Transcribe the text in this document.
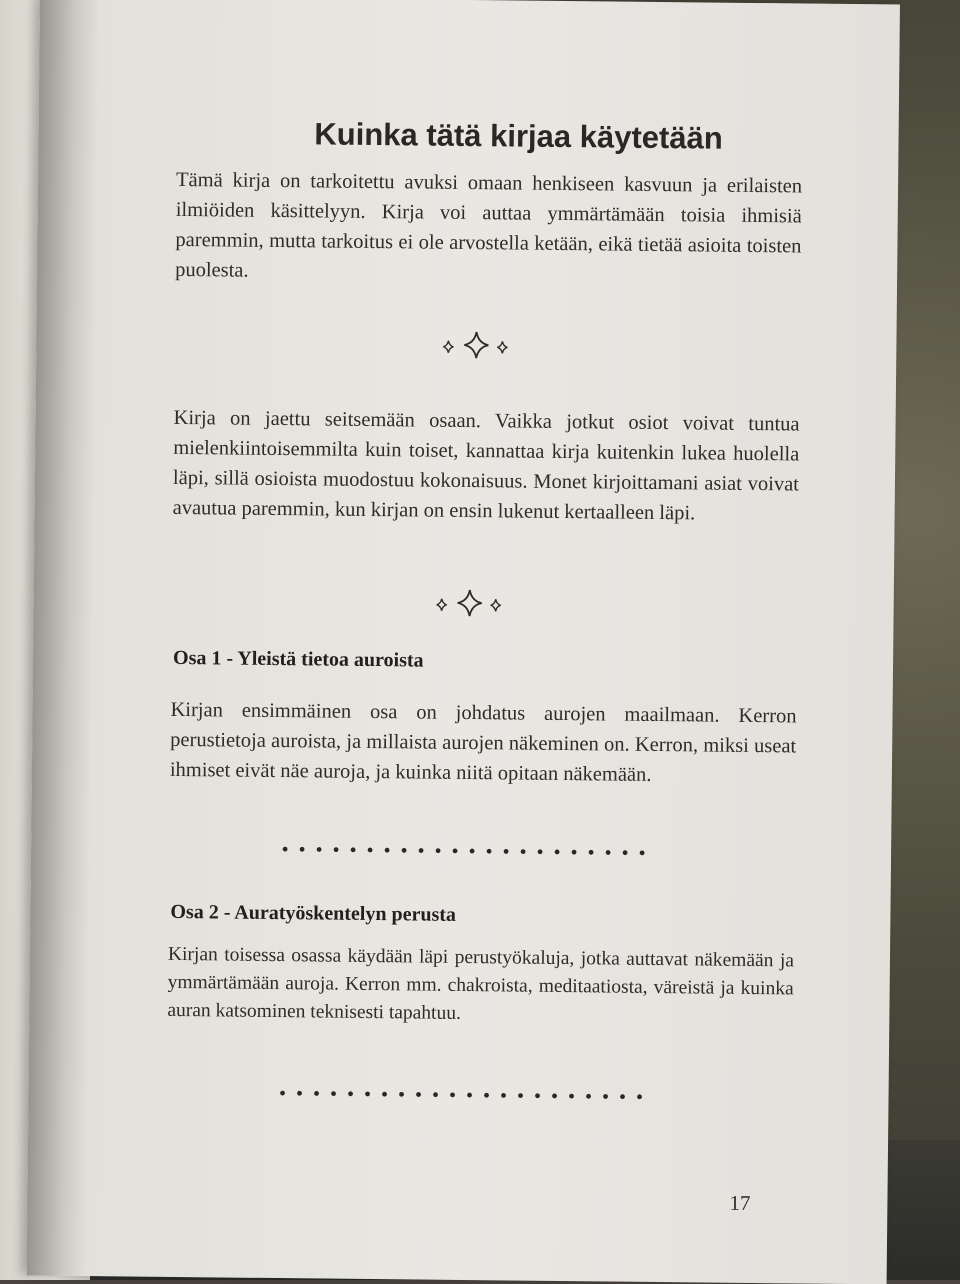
Kuinka tätä kirjaa käytetään

Tämä kirja on tarkoitettu avuksi omaan henkiseen kasvuun ja erilaisten ilmiöiden käsittelyyn. Kirja voi auttaa ymmärtämään toisia ihmisiä paremmin, mutta tarkoitus ei ole arvostella ketään, eikä tietää asioita toisten puolesta.

Kirja on jaettu seitsemään osaan. Vaikka jotkut osiot voivat tuntua mielenkiintoisemmilta kuin toiset, kannattaa kirja kuitenkin lukea huolella läpi, sillä osioista muodostuu kokonaisuus. Monet kirjoittamani asiat voivat avautua paremmin, kun kirjan on ensin lukenut kertaalleen läpi.

Osa 1 - Yleistä tietoa auroista

Kirjan ensimmäinen osa on johdatus aurojen maailmaan. Kerron perustietoja auroista, ja millaista aurojen näkeminen on. Kerron, miksi useat ihmiset eivät näe auroja, ja kuinka niitä opitaan näkemään.

Osa 2 - Auratyöskentelyn perusta

Kirjan toisessa osassa käydään läpi perustyökaluja, jotka auttavat näkemään ja ymmärtämään auroja. Kerron mm. chakroista, meditaatiosta, väreistä ja kuinka auran katsominen teknisesti tapahtuu.

17
